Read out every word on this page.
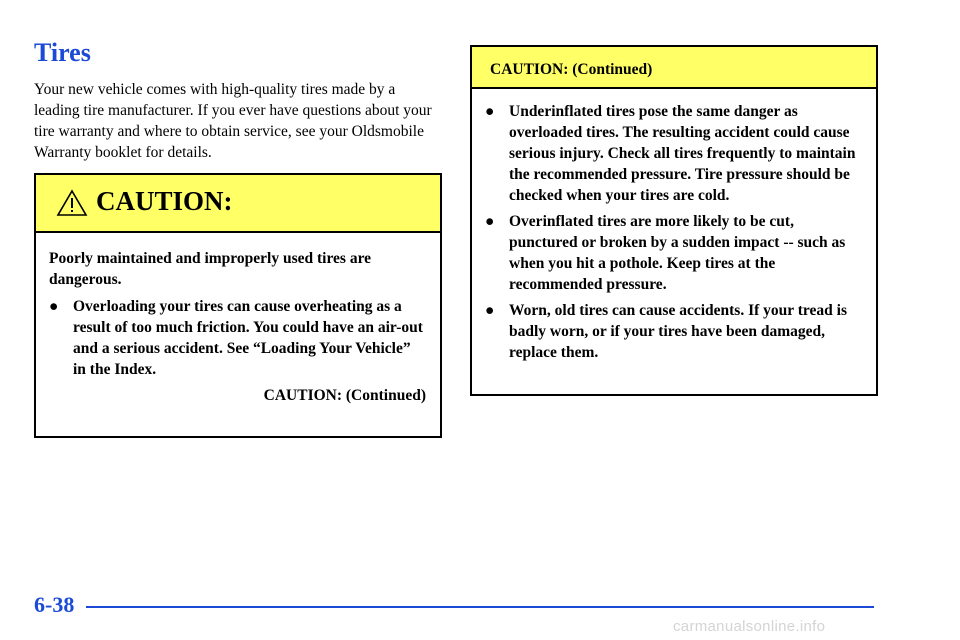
Tires

Your new vehicle comes with high-quality tires made by a leading tire manufacturer. If you ever have questions about your tire warranty and where to obtain service, see your Oldsmobile Warranty booklet for details.

CAUTION:

Poorly maintained and improperly used tires are dangerous.

● Overloading your tires can cause overheating as a result of too much friction. You could have an air-out and a serious accident. See “Loading Your Vehicle” in the Index.
CAUTION: (Continued)
CAUTION: (Continued)
● Underinflated tires pose the same danger as overloaded tires. The resulting accident could cause serious injury. Check all tires frequently to maintain the recommended pressure. Tire pressure should be checked when your tires are cold.
● Overinflated tires are more likely to be cut, punctured or broken by a sudden impact -- such as when you hit a pothole. Keep tires at the recommended pressure.
● Worn, old tires can cause accidents. If your tread is badly worn, or if your tires have been damaged, replace them.
6-38
carmanualsonline.info
